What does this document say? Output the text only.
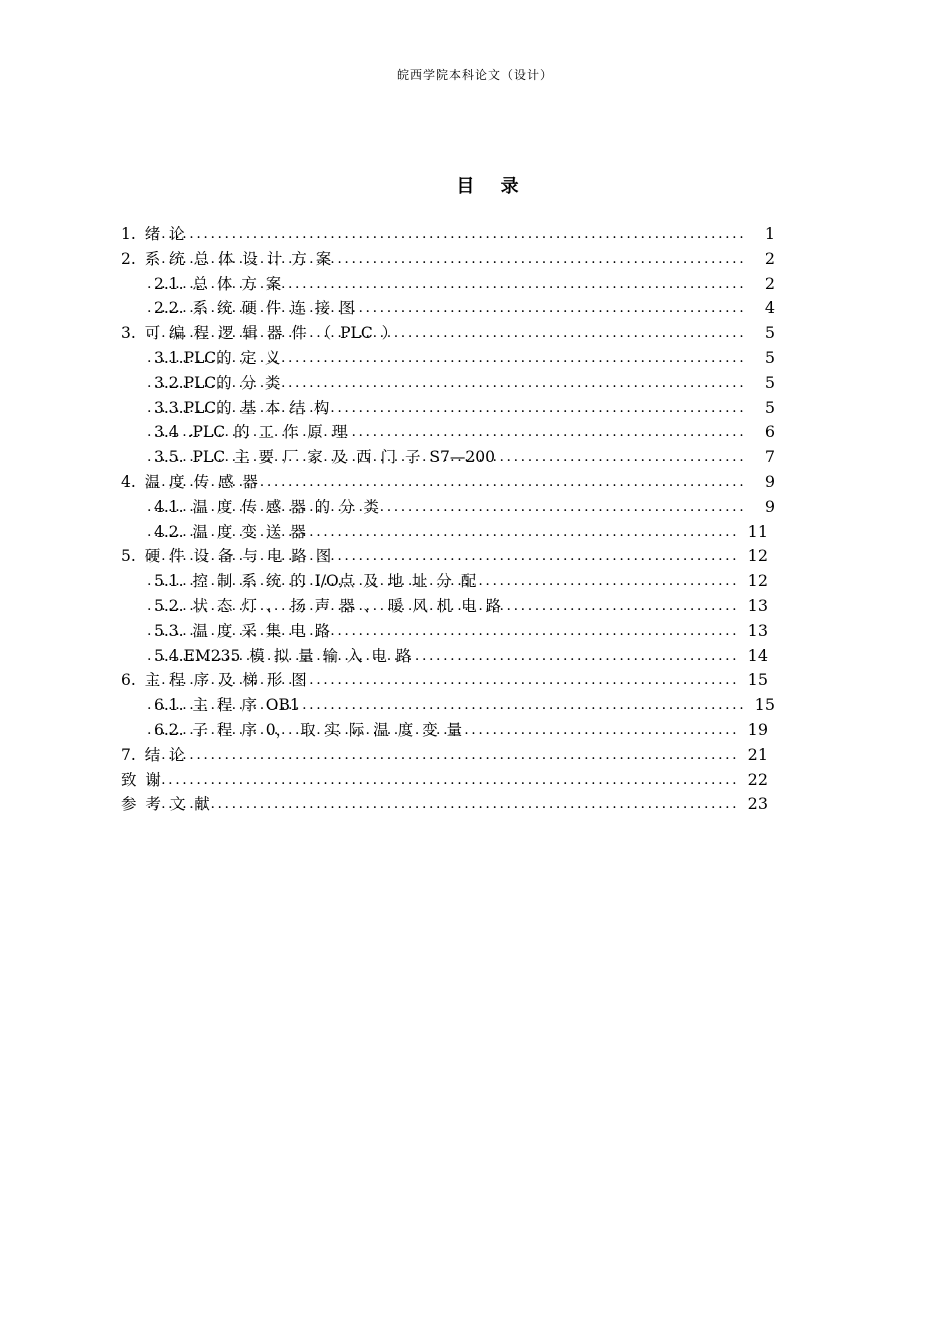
皖西学院本科论文（设计）
目 录
1. 绪 论 .....	1
2. 系 统 总 体 设 计 方 案 .....	2
2.1. 总 体 方 案 .....	2
2.2. 系 统 硬 件 连 接 图 .....	4
3. 可 编 程 逻 辑 器 件 （ PLC ） .....	5
3.1.PLC的 定 义 .....	5
3.2.PLC的 分 类 .....	5
3.3.PLC的 基 本 结 构 .....	5
3.4 .PLC 的 工 作 原 理 .....	6
3.5. PLC 主 要 厂 家 及 西 门 子 S7—200 .....	7
4. 温 度 传 感 器 .....	9
4.1. 温 度 传 感 器 的 分 类 .....	9
4.2. 温 度 变 送 器 .....	11
5. 硬 件 设 备 与 电 路 图 .....	12
5.1. 控 制 系 统 的 I/O点 及 地 址 分 配 .....	12
5.2. 状 态 灯 、 扬 声 器 、 暖 风 机 电 路 .....	13
5.3. 温 度 采 集 电 路 .....	13
5.4.EM235 模 拟 量 输 入 电 路 .....	14
6. 主 程 序 及 梯 形 图 .....	15
6.1. 主 程 序 OB1 .....	15
6.2. 子 程 序 0， 取 实 际 温 度 变 量 .....	19
7. 结 论 .....	21
致 谢 .....	22
参 考 文 献 .....	23
